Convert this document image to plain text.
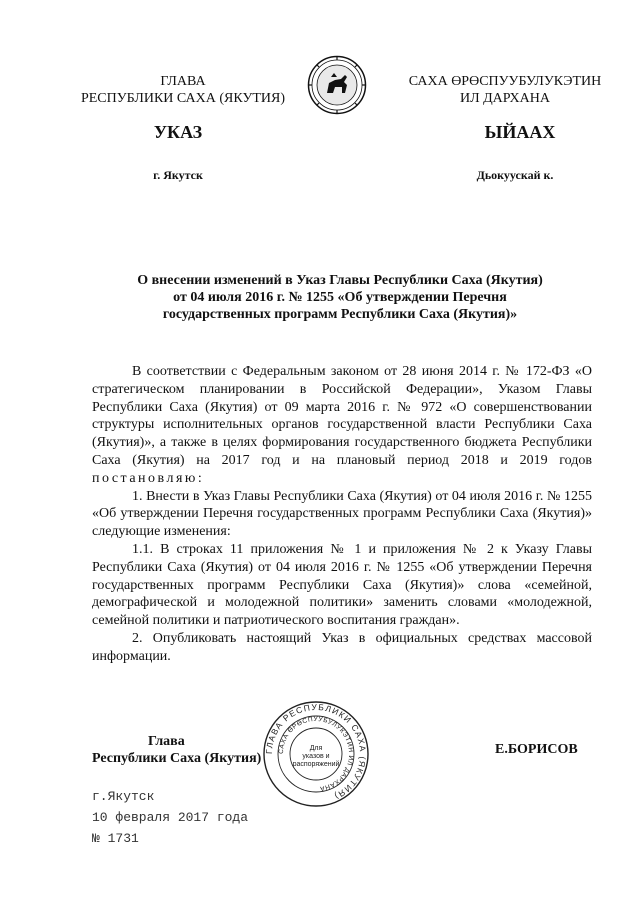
ГЛАВА
РЕСПУБЛИКИ САХА (ЯКУТИЯ)
САХА ӨРӨСПУУБУЛУКЭТИН
ИЛ ДАРХАНА
УКАЗ	ЫЙААХ
г. Якутск	Дьокуускай к.
О внесении изменений в Указ Главы Республики Саха (Якутия)
от 04 июля 2016 г. № 1255 «Об утверждении Перечня
государственных программ Республики Саха (Якутия)»

В соответствии с Федеральным законом от 28 июня 2014 г. № 172-ФЗ «О стратегическом планировании в Российской Федерации», Указом Главы Республики Саха (Якутия) от 09 марта 2016 г. № 972 «О совершенствовании структуры исполнительных органов государственной власти Республики Саха (Якутия)», а также в целях формирования государственного бюджета Республики Саха (Якутия) на 2017 год и на плановый период 2018 и 2019 годов постановляю:

1. Внести в Указ Главы Республики Саха (Якутия) от 04 июля 2016 г. № 1255 «Об утверждении Перечня государственных программ Республики Саха (Якутия)» следующие изменения:

1.1. В строках 11 приложения № 1 и приложения № 2 к Указу Главы Республики Саха (Якутия) от 04 июля 2016 г. № 1255 «Об утверждении Перечня государственных программ Республики Саха (Якутия)» слова «семейной, демографической и молодежной политики» заменить словами «молодежной, семейной политики и патриотического воспитания граждан».

2. Опубликовать настоящий Указ в официальных средствах массовой информации.

Глава
Республики Саха (Якутия) ГЛАВА РЕСПУБЛИКИ САХА (ЯКУТИЯ)
САХА ӨРӨСПУУБУЛУКЭТИН ИЛ ДАРХАНА
Для
указов и
распоряжений
Е.БОРИСОВ
г.Якутск
10 февраля 2017 года
№ 1731
